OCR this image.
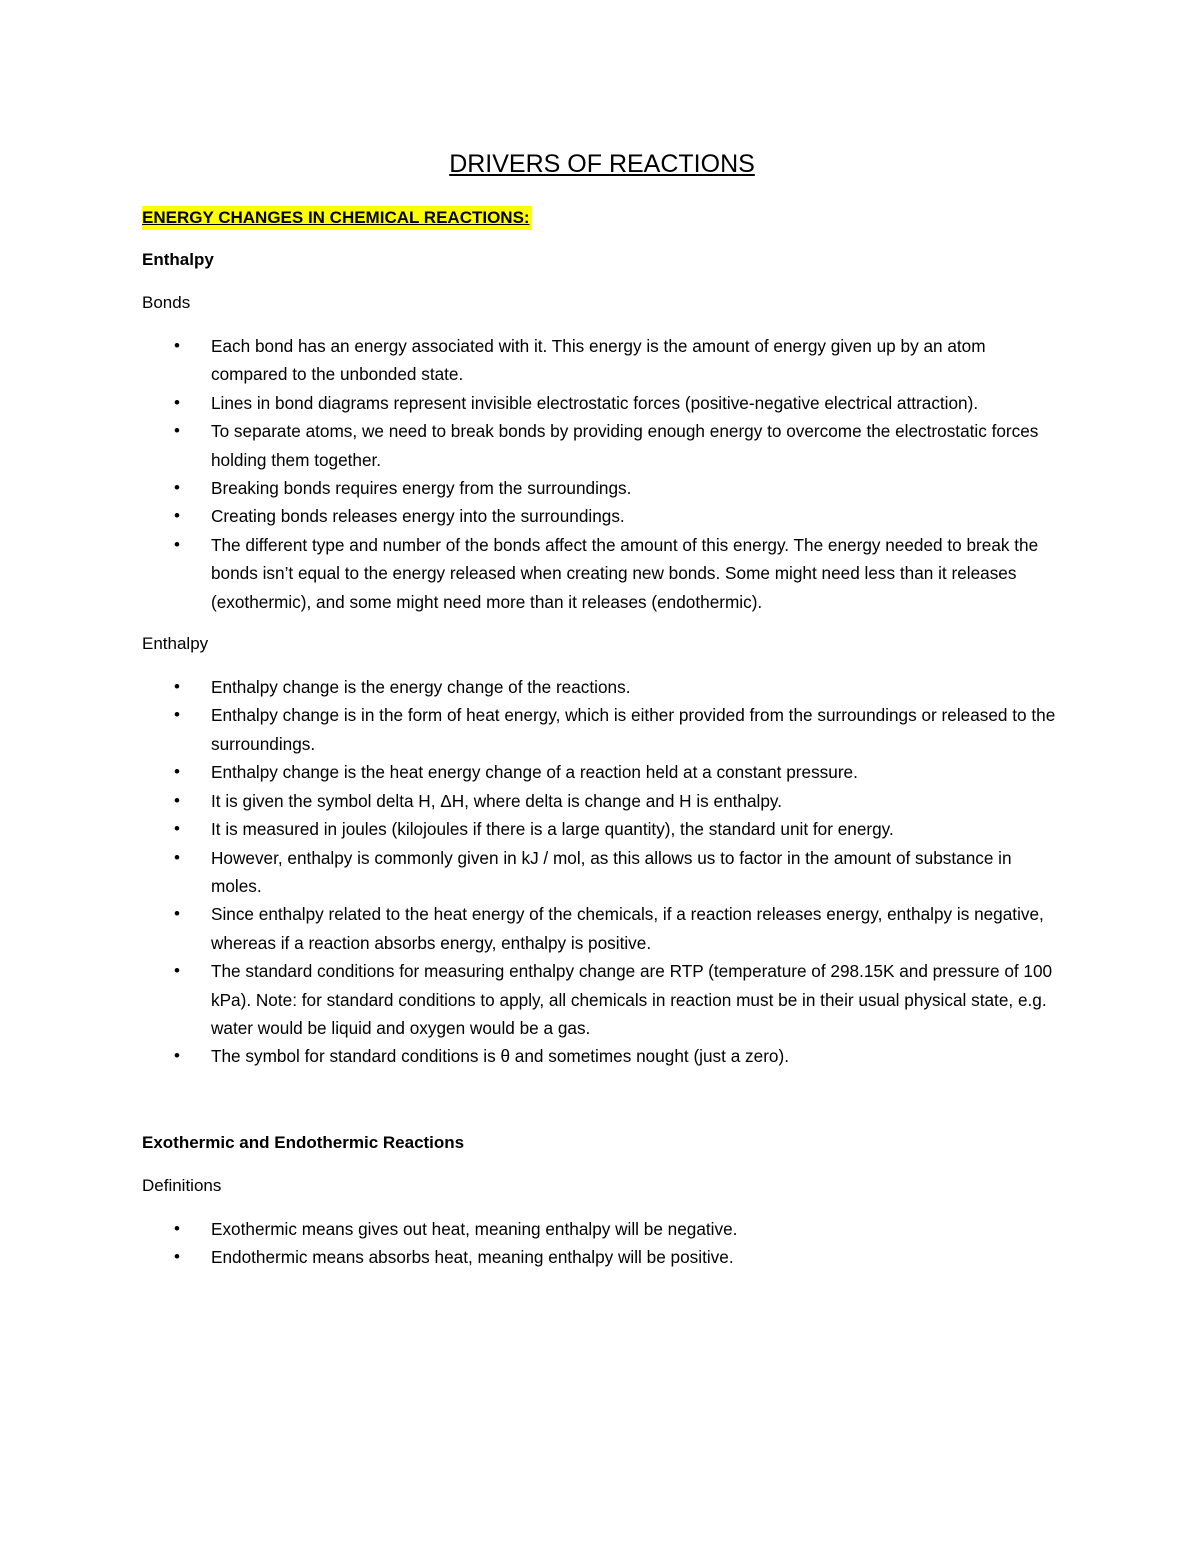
DRIVERS OF REACTIONS
ENERGY CHANGES IN CHEMICAL REACTIONS:
Enthalpy
Bonds
• Each bond has an energy associated with it. This energy is the amount of energy given up by an atom compared to the unbonded state.
• Lines in bond diagrams represent invisible electrostatic forces (positive-negative electrical attraction).
• To separate atoms, we need to break bonds by providing enough energy to overcome the electrostatic forces holding them together.
• Breaking bonds requires energy from the surroundings.
• Creating bonds releases energy into the surroundings.
• The different type and number of the bonds affect the amount of this energy. The energy needed to break the bonds isn’t equal to the energy released when creating new bonds. Some might need less than it releases (exothermic), and some might need more than it releases (endothermic).
Enthalpy
• Enthalpy change is the energy change of the reactions.
• Enthalpy change is in the form of heat energy, which is either provided from the surroundings or released to the surroundings.
• Enthalpy change is the heat energy change of a reaction held at a constant pressure.
• It is given the symbol delta H, ΔH, where delta is change and H is enthalpy.
• It is measured in joules (kilojoules if there is a large quantity), the standard unit for energy.
• However, enthalpy is commonly given in kJ / mol, as this allows us to factor in the amount of substance in moles.
• Since enthalpy related to the heat energy of the chemicals, if a reaction releases energy, enthalpy is negative, whereas if a reaction absorbs energy, enthalpy is positive.
• The standard conditions for measuring enthalpy change are RTP (temperature of 298.15K and pressure of 100 kPa). Note: for standard conditions to apply, all chemicals in reaction must be in their usual physical state, e.g. water would be liquid and oxygen would be a gas.
• The symbol for standard conditions is θ and sometimes nought (just a zero).
Exothermic and Endothermic Reactions
Definitions
• Exothermic means gives out heat, meaning enthalpy will be negative.
• Endothermic means absorbs heat, meaning enthalpy will be positive.
